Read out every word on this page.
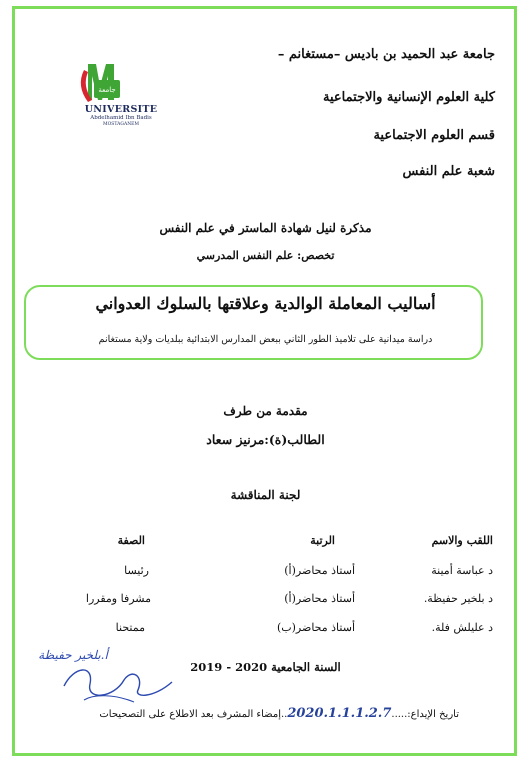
جامعة عبد الحميد بن باديس –مستغانم –
كلية العلوم الإنسانية والاجتماعية
قسم العلوم الاجتماعية
شعبة علم النفس
جامعة
UNIVERSITE
Abdelhamid Ibn Badis
MOSTAGANEM
مذكرة لنيل شهادة الماستر في علم النفس
تخصص: علم النفس المدرسي
أساليب المعاملة الوالدية وعلاقتها بالسلوك العدواني
دراسة ميدانية على تلاميذ الطور الثاني ببعض المدارس الابتدائية ببلديات ولاية مستغانم
مقدمة من طرف
الطالب(ة):مرنيز سعاد
لجنة المناقشة
اللقب والاسم
الرتبة
الصفة
د عباسة أمينة
أستاذ محاضر(أ)
رئيسا
د بلخير حفيظة.
أستاذ محاضر(أ)
مشرفا ومقررا
د عليلش فلة.
أستاذ محاضر(ب)
ممتحنا
السنة الجامعية 2020 - 2019
أ.بلخير حفيظة
تاريخ الإيداع:.....2020.1.1.1.2.7..إمضاء المشرف بعد الاطلاع على التصحيحات
